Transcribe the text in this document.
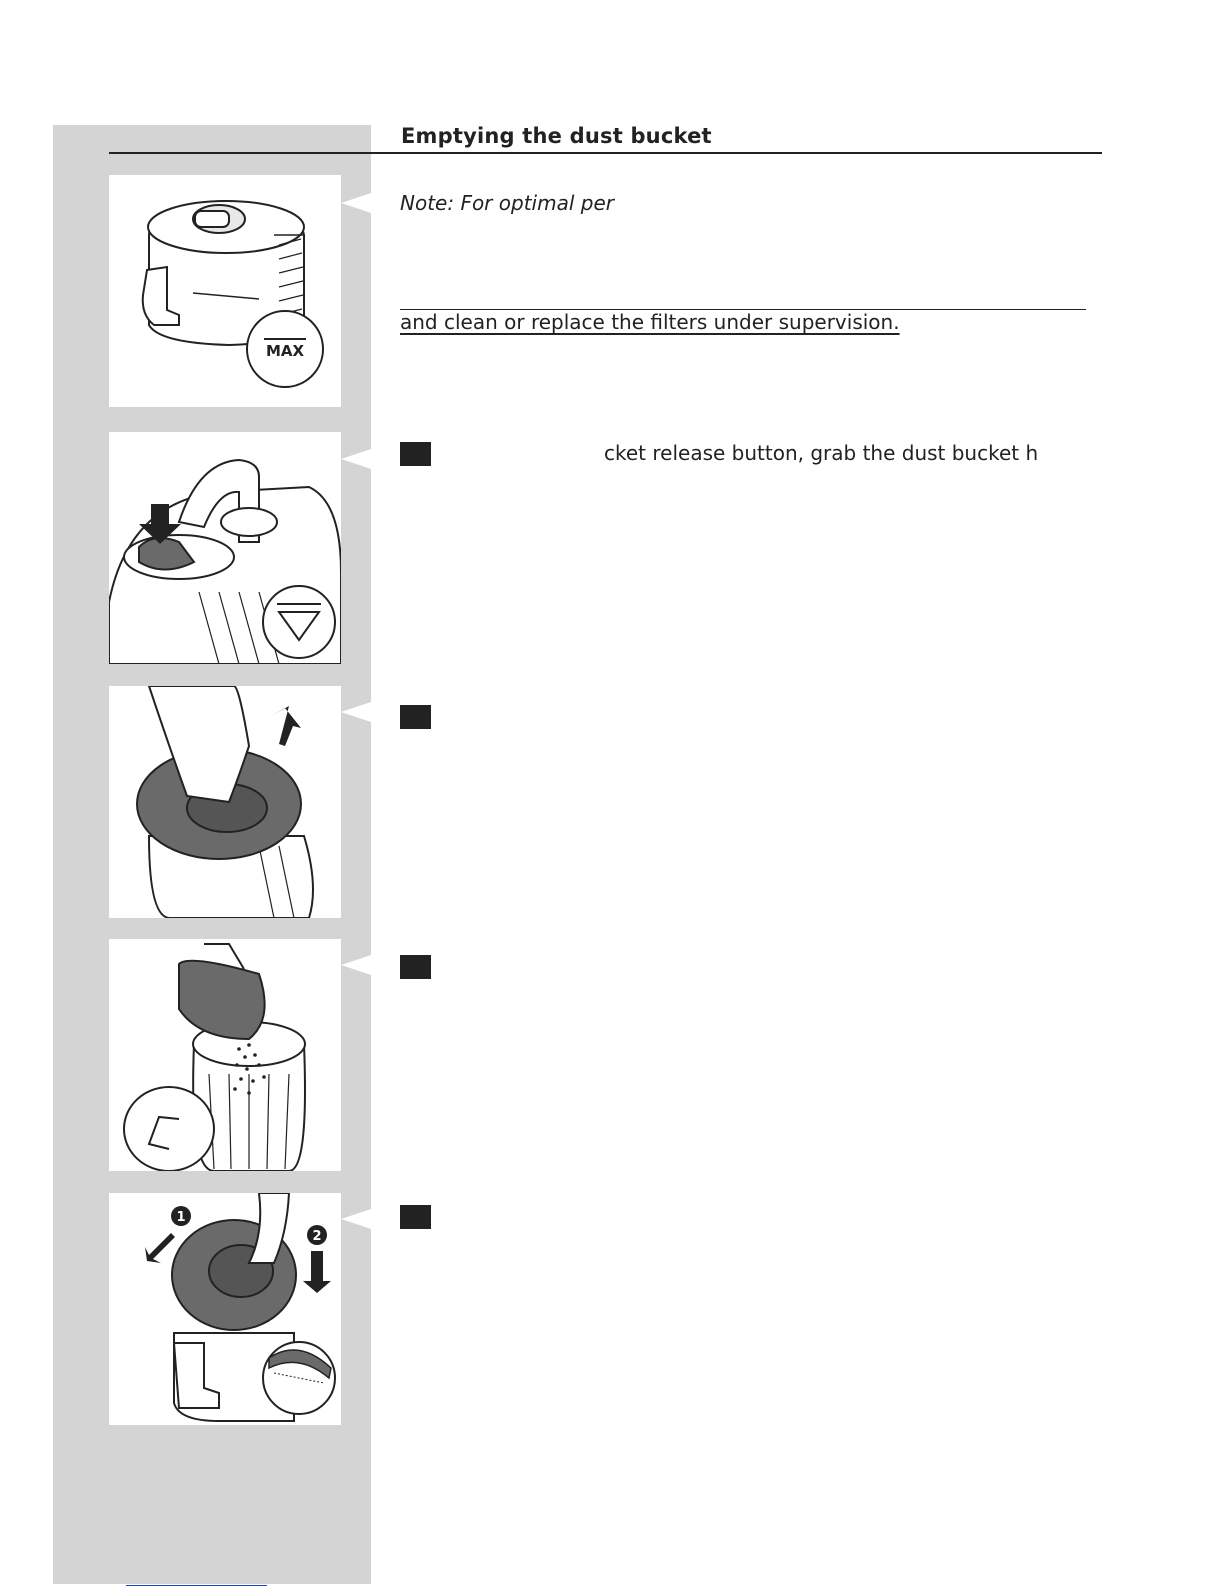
MAX
1
2
Emptying the dust bucket
Note: For optimal per
and clean or replace the filters under supervision.
cket release button, grab the dust bucket h
